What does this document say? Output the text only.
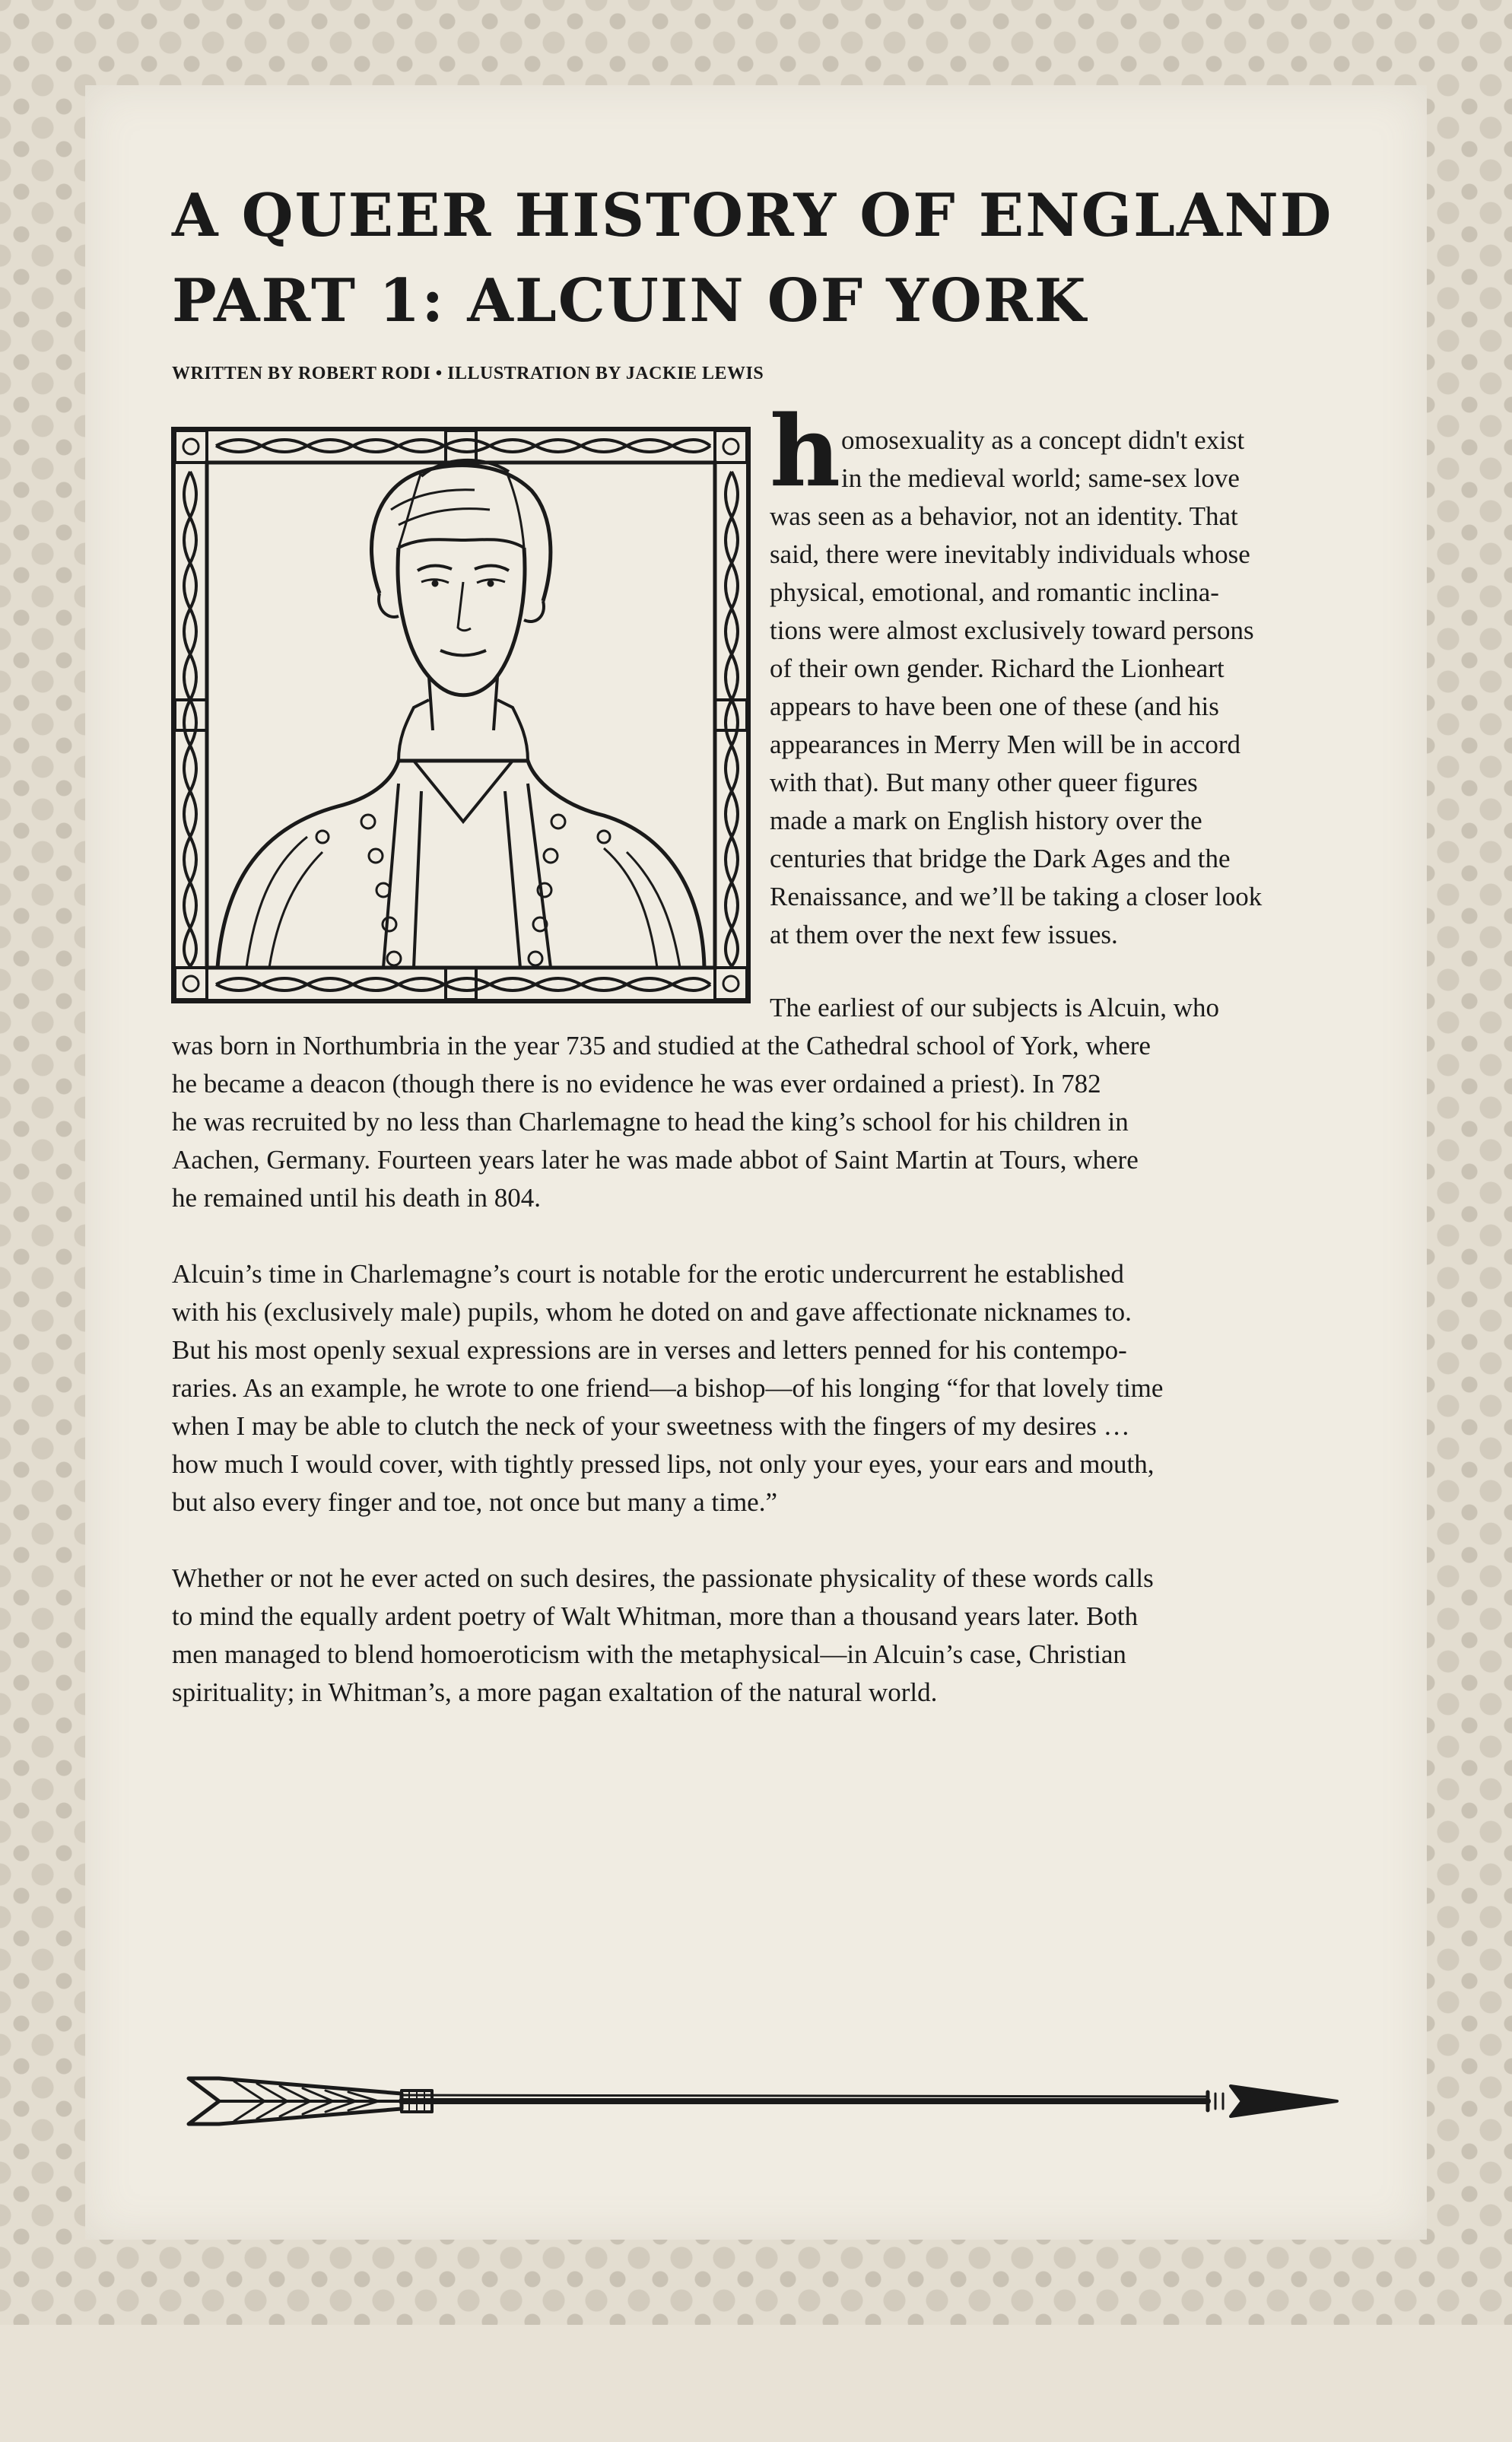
A QUEER HISTORY OF ENGLAND
PART 1: ALCUIN OF YORK
WRITTEN BY ROBERT RODI • ILLUSTRATION BY JACKIE LEWIS
h omosexuality as a concept didn't exist
in the medieval world; same-sex love
was seen as a behavior, not an identity. That
said, there were inevitably individuals whose
physical, emotional, and romantic inclina-
tions were almost exclusively toward persons
of their own gender. Richard the Lionheart
appears to have been one of these (and his
appearances in Merry Men will be in accord
with that). But many other queer figures
made a mark on English history over the
centuries that bridge the Dark Ages and the
Renaissance, and we’ll be taking a closer look
at them over the next few issues.
The earliest of our subjects is Alcuin, who
was born in Northumbria in the year 735 and studied at the Cathedral school of York, where
he became a deacon (though there is no evidence he was ever ordained a priest). In 782
he was recruited by no less than Charlemagne to head the king’s school for his children in
Aachen, Germany. Fourteen years later he was made abbot of Saint Martin at Tours, where
he remained until his death in 804.
Alcuin’s time in Charlemagne’s court is notable for the erotic undercurrent he established
with his (exclusively male) pupils, whom he doted on and gave affectionate nicknames to.
But his most openly sexual expressions are in verses and letters penned for his contempo-
raries. As an example, he wrote to one friend—a bishop—of his longing “for that lovely time
when I may be able to clutch the neck of your sweetness with the fingers of my desires …
how much I would cover, with tightly pressed lips, not only your eyes, your ears and mouth,
but also every finger and toe, not once but many a time.”
Whether or not he ever acted on such desires, the passionate physicality of these words calls
to mind the equally ardent poetry of Walt Whitman, more than a thousand years later. Both
men managed to blend homoeroticism with the metaphysical—in Alcuin’s case, Christian
spirituality; in Whitman’s, a more pagan exaltation of the natural world.
